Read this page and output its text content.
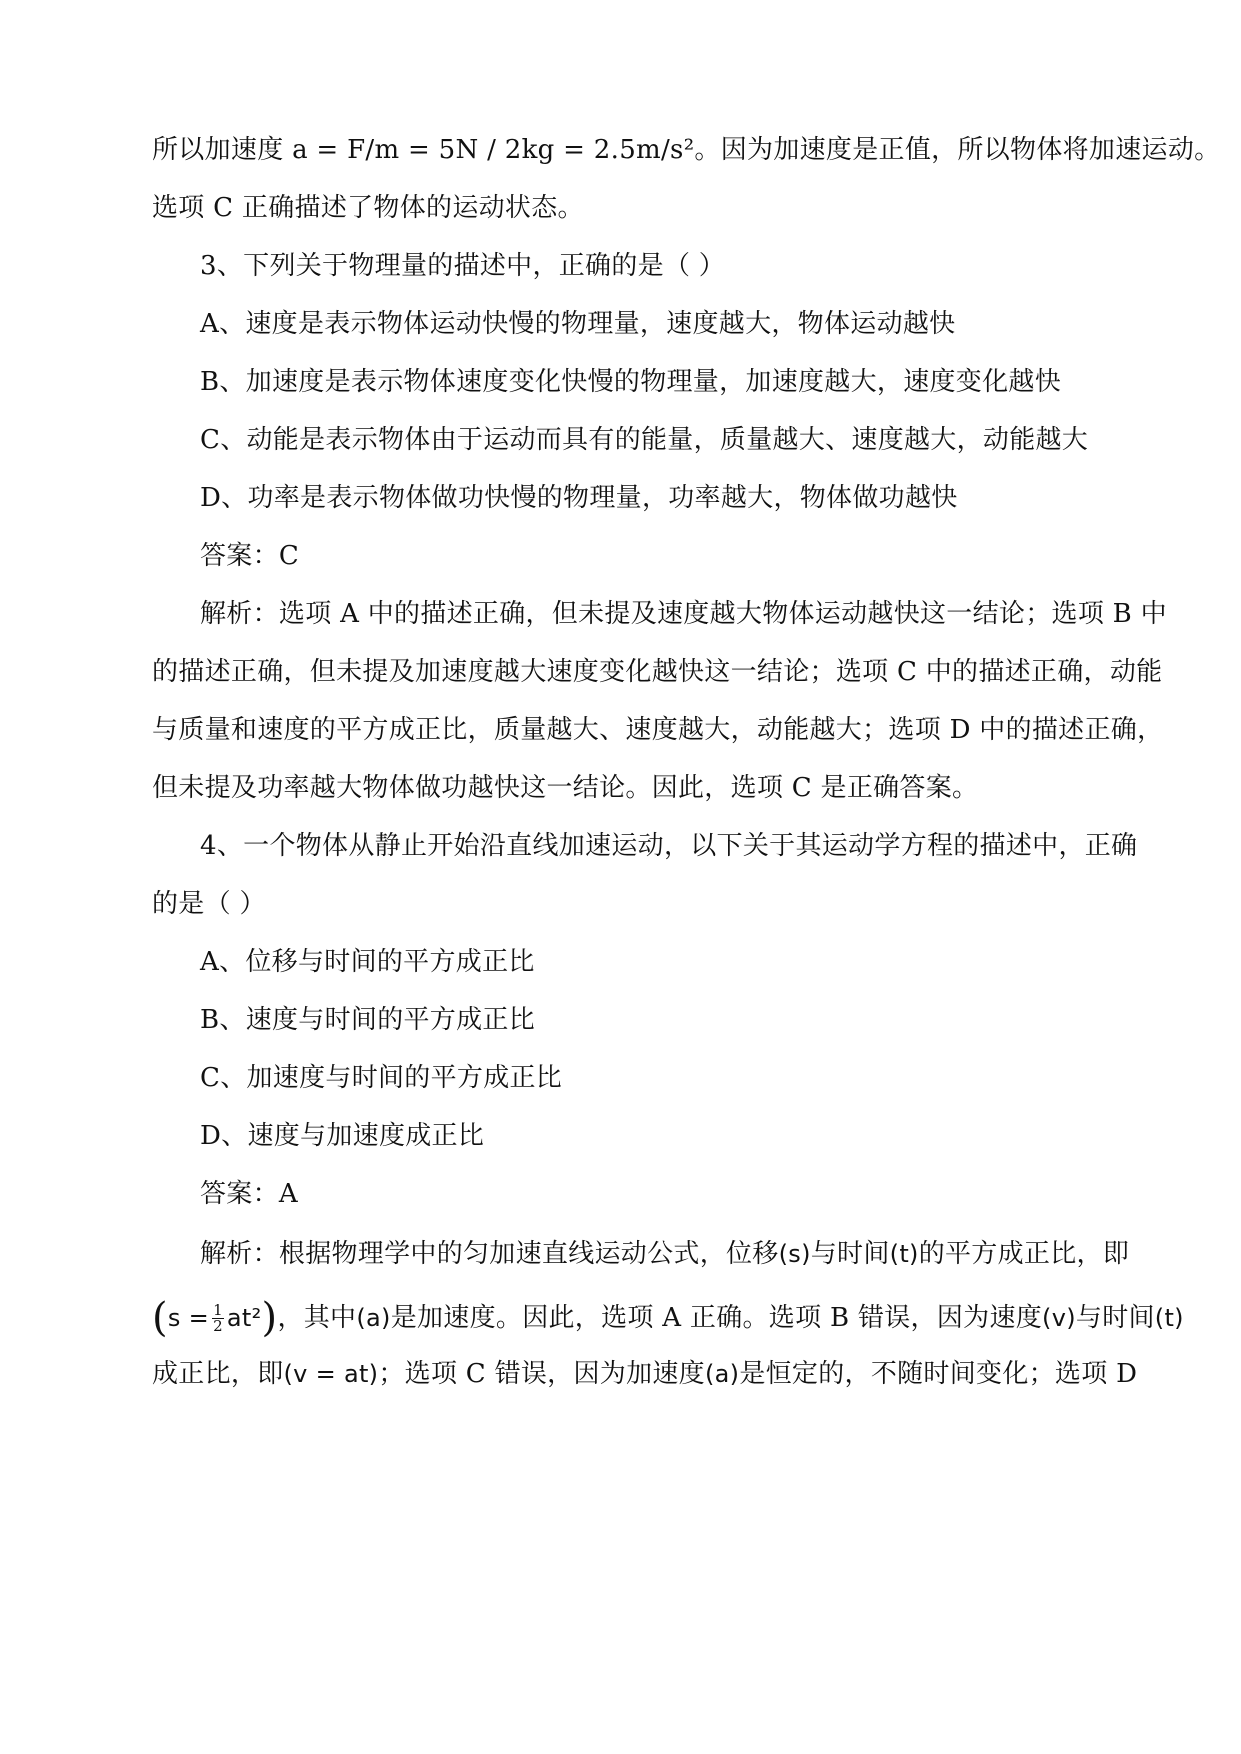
所以加速度 a = F/m = 5N / 2kg = 2.5m/s²。 因为加速度是正值，所以物体将加速运动。
选项 C 正确描述了物体的运动状态。
3、下列关于物理量的描述中，正确的是（ ）
A、速度是表示物体运动快慢的物理量，速度越大，物体运动越快
B、加速度是表示物体速度变化快慢的物理量，加速度越大，速度变化越快
C、动能是表示物体由于运动而具有的能量，质量越大、速度越大，动能越大
D、功率是表示物体做功快慢的物理量，功率越大，物体做功越快
答案：C
解析：选项 A 中的描述正确，但未提及速度越大物体运动越快这一结论； 选项 B 中
的描述正确，但未提及加速度越大速度变化越快这一结论； 选项 C 中的描述正确，动能
与质量和速度的平方成正比，质量越大、速度越大，动能越大； 选项 D 中的描述正确，
但未提及功率越大物体做功越快这一结论。因此，选项 C 是正确答案。
4、一个物体从静止开始沿直线加速运动，以下关于其运动学方程的描述中， 正确
的是（ ）
A、位移与时间的平方成正比
B、速度与时间的平方成正比
C、加速度与时间的平方成正比
D、速度与加速度成正比
答案：A
解析：根据物理学中的匀加速直线运动公式，位移(s)与时间(t)的平方成正比， 即
( $s = \frac{1}{2} at^2$ ) ，其中 (a) 是加速度。因此，选项 A 正确。选项 B 错误，因为速度 (v) 与时间 (t)
成正比，即 (v = at) ；选项 C 错误，因为加速度 (a) 是恒定的，不随时间变化；选项 D
